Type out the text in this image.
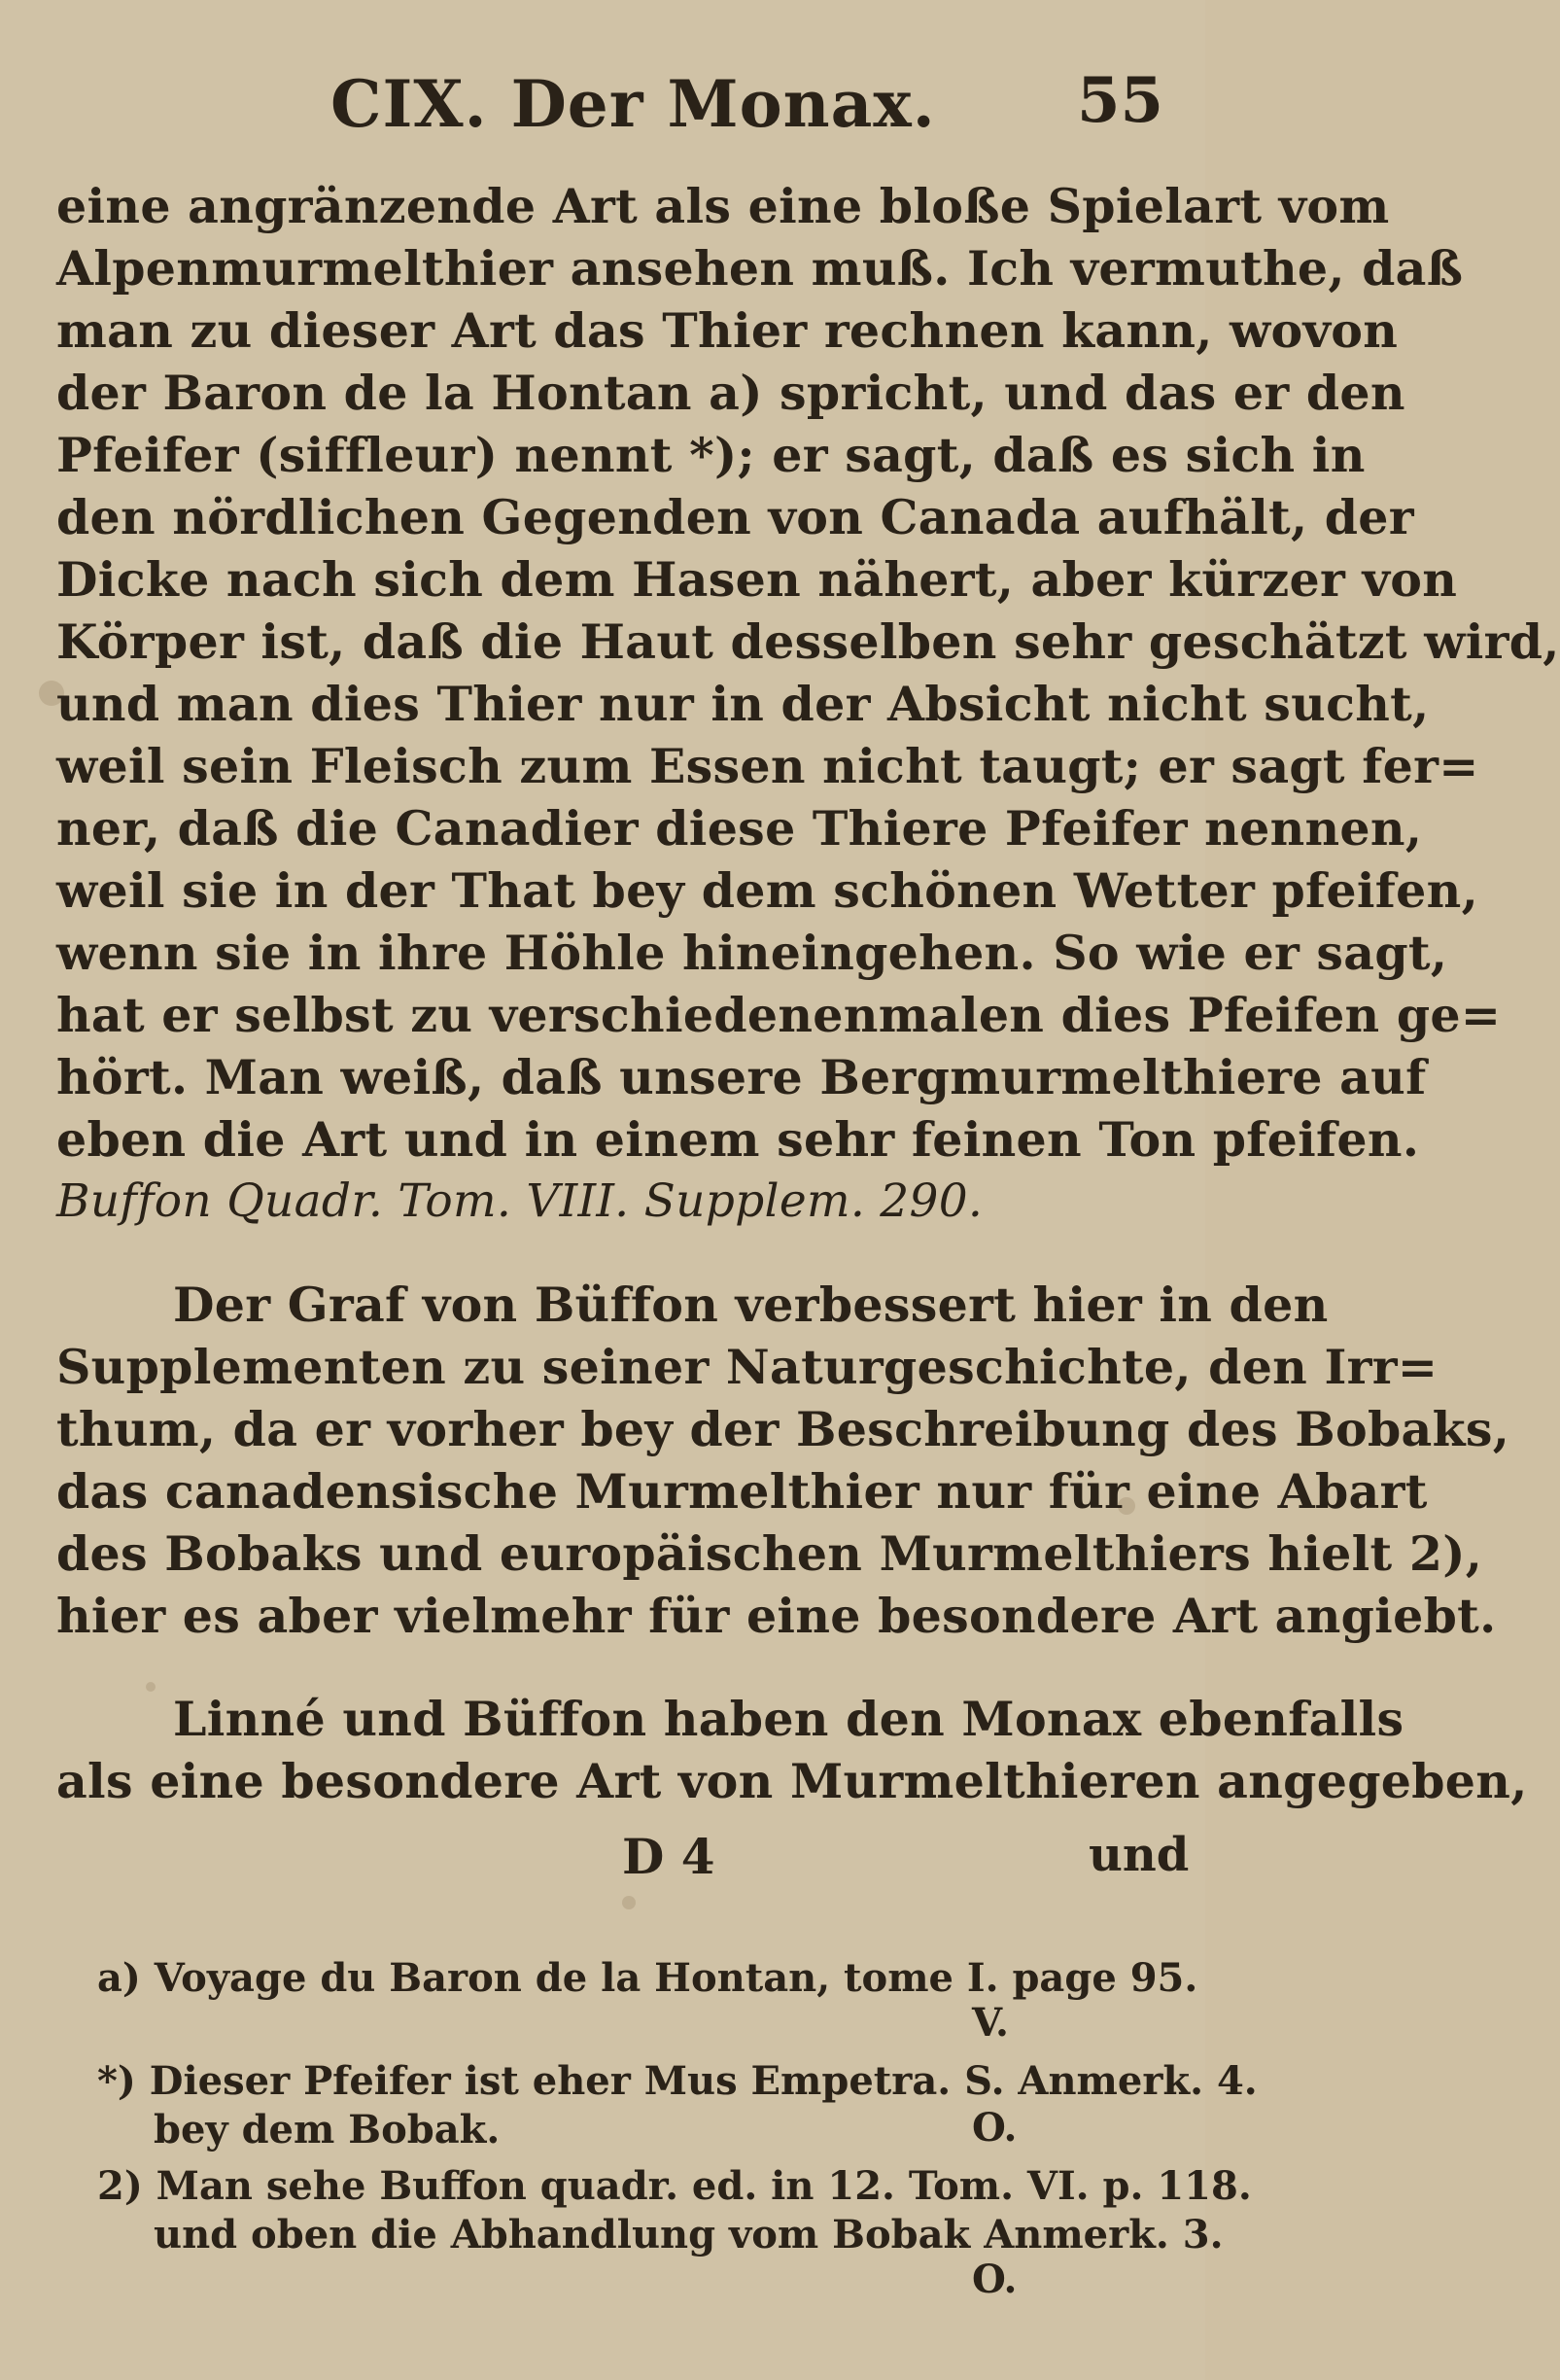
CIX. Der Monax. 55
eine angränzende Art als eine bloße Spielart vom
Alpenmurmelthier ansehen muß. Ich vermuthe, daß
man zu dieser Art das Thier rechnen kann, wovon
der Baron de la Hontan a) spricht, und das er den
Pfeifer (siffleur) nennt *); er sagt, daß es sich in
den nördlichen Gegenden von Canada aufhält, der
Dicke nach sich dem Hasen nähert, aber kürzer von
Körper ist, daß die Haut desselben sehr geschätzt wird,
und man dies Thier nur in der Absicht nicht sucht,
weil sein Fleisch zum Essen nicht taugt; er sagt fer=
ner, daß die Canadier diese Thiere Pfeifer nennen,
weil sie in der That bey dem schönen Wetter pfeifen,
wenn sie in ihre Höhle hineingehen. So wie er sagt,
hat er selbst zu verschiedenenmalen dies Pfeifen ge=
hört. Man weiß, daß unsere Bergmurmelthiere auf
eben die Art und in einem sehr feinen Ton pfeifen.
Buffon Quadr. Tom. VIII. Supplem. 290.
Der Graf von Büffon verbessert hier in den
Supplementen zu seiner Naturgeschichte, den Irr=
thum, da er vorher bey der Beschreibung des Bobaks,
das canadensische Murmelthier nur für eine Abart
des Bobaks und europäischen Murmelthiers hielt 2),
hier es aber vielmehr für eine besondere Art angiebt.
Linné und Büffon haben den Monax ebenfalls
als eine besondere Art von Murmelthieren angegeben,
D 4	und
a) Voyage du Baron de la Hontan, tome I. page 95.
V.
*) Dieser Pfeifer ist eher Mus Empetra. S. Anmerk. 4.
bey dem Bobak.	O.
2) Man sehe Buffon quadr. ed. in 12. Tom. VI. p. 118.
und oben die Abhandlung vom Bobak Anmerk. 3.
O.
